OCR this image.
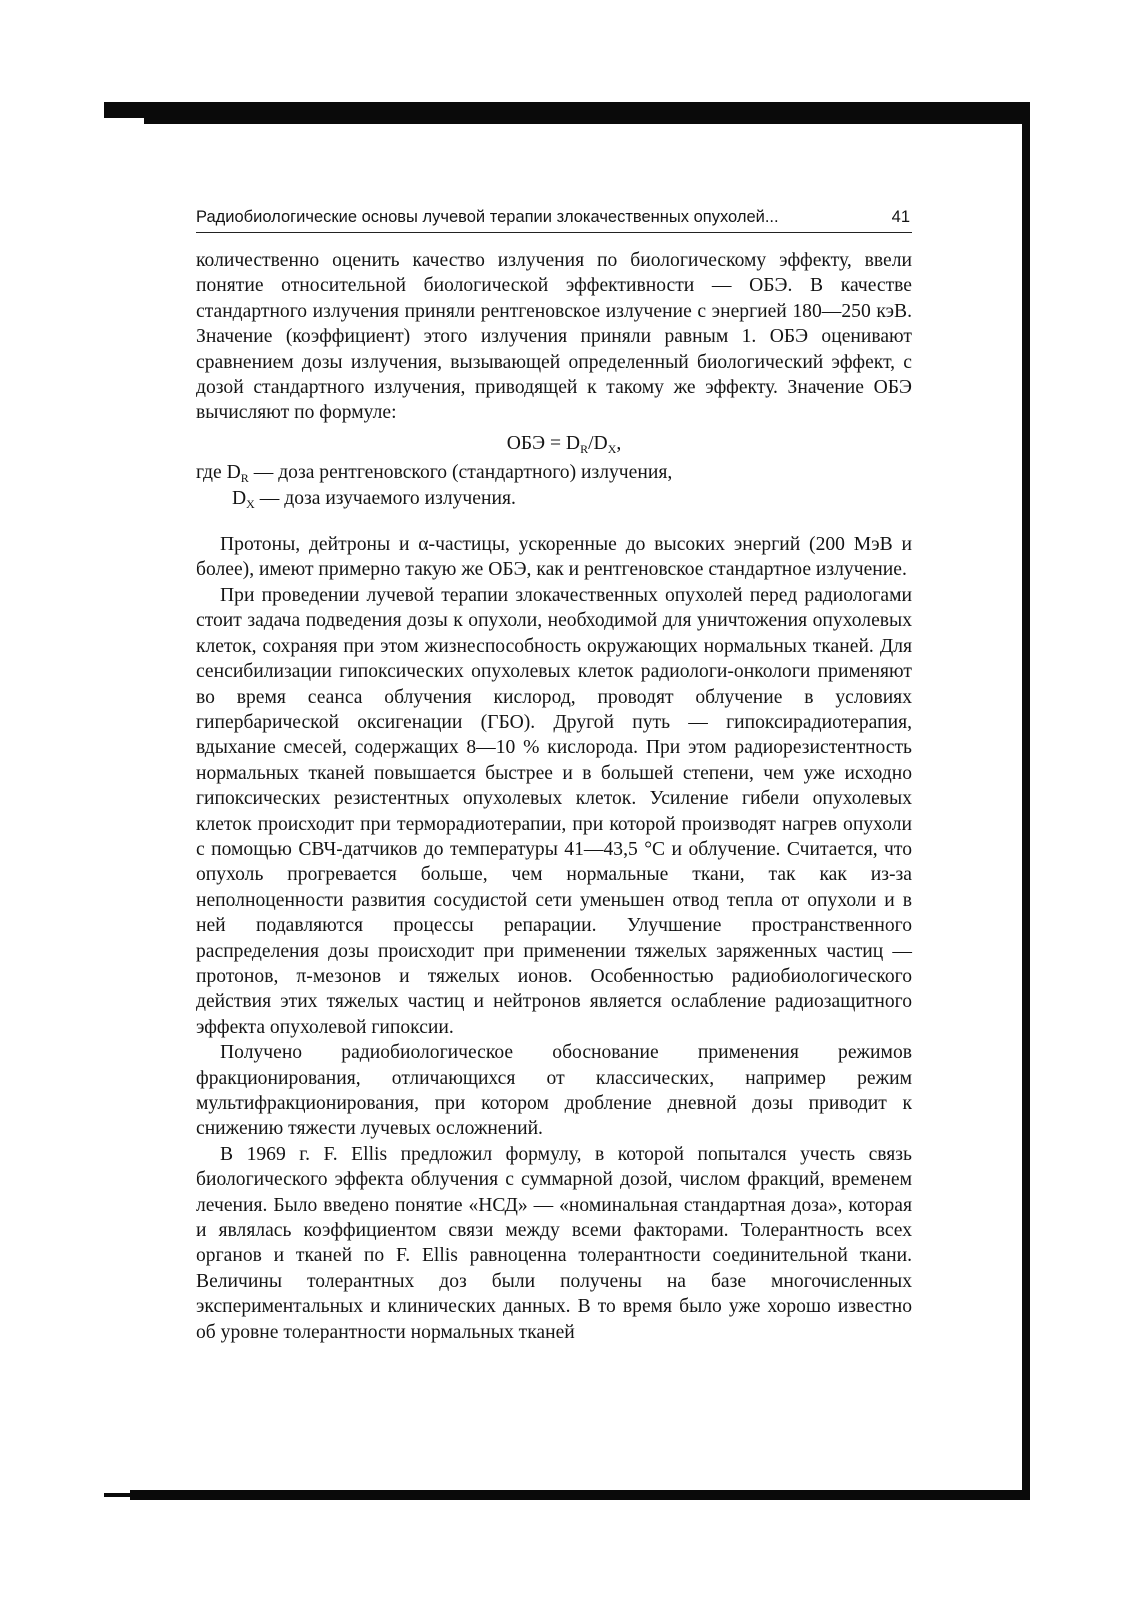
Радиобиологические основы лучевой терапии злокачественных опухолей...	41

количественно оценить качество излучения по биологическому эффекту, ввели понятие относительной биологической эффективности — ОБЭ. В качестве стандартного излучения приняли рентгеновское излучение с энергией 180—250 кэВ. Значение (коэффициент) этого излучения приняли равным 1. ОБЭ оценивают сравнением дозы излучения, вызывающей определенный биологический эффект, с дозой стандартного излучения, приводящей к такому же эффекту. Значение ОБЭ вычисляют по формуле:

ОБЭ = $D_R/D_X$,
где $D_R$ — доза рентгеновского (стандартного) излучения,
$D_X$ — доза изучаемого излучения.

Протоны, дейтроны и α-частицы, ускоренные до высоких энергий (200 МэВ и более), имеют примерно такую же ОБЭ, как и рентгеновское стандартное излучение.

При проведении лучевой терапии злокачественных опухолей перед радиологами стоит задача подведения дозы к опухоли, необходимой для уничтожения опухолевых клеток, сохраняя при этом жизнеспособность окружающих нормальных тканей. Для сенсибилизации гипоксических опухолевых клеток радиологи-онкологи применяют во время сеанса облучения кислород, проводят облучение в условиях гипербарической оксигенации (ГБО). Другой путь — гипоксирадиотерапия, вдыхание смесей, содержащих 8—10 % кислорода. При этом радиорезистентность нормальных тканей повышается быстрее и в большей степени, чем уже исходно гипоксических резистентных опухолевых клеток. Усиление гибели опухолевых клеток происходит при терморадиотерапии, при которой производят нагрев опухоли с помощью СВЧ-датчиков до температуры 41—43,5 °С и облучение. Считается, что опухоль прогревается больше, чем нормальные ткани, так как из-за неполноценности развития сосудистой сети уменьшен отвод тепла от опухоли и в ней подавляются процессы репарации. Улучшение пространственного распределения дозы происходит при применении тяжелых заряженных частиц — протонов, π-мезонов и тяжелых ионов. Особенностью радиобиологического действия этих тяжелых частиц и нейтронов является ослабление радиозащитного эффекта опухолевой гипоксии.

Получено радиобиологическое обоснование применения режимов фракционирования, отличающихся от классических, например режим мультифракционирования, при котором дробление дневной дозы приводит к снижению тяжести лучевых осложнений.

В 1969 г. F. Ellis предложил формулу, в которой попытался учесть связь биологического эффекта облучения с суммарной дозой, числом фракций, временем лечения. Было введено понятие «НСД» — «номинальная стандартная доза», которая и являлась коэффициентом связи между всеми факторами. Толерантность всех органов и тканей по F. Ellis равноценна толерантности соединительной ткани. Величины толерантных доз были получены на базе многочисленных экспериментальных и клинических данных. В то время было уже хорошо известно об уровне толерантности нормальных тканей
